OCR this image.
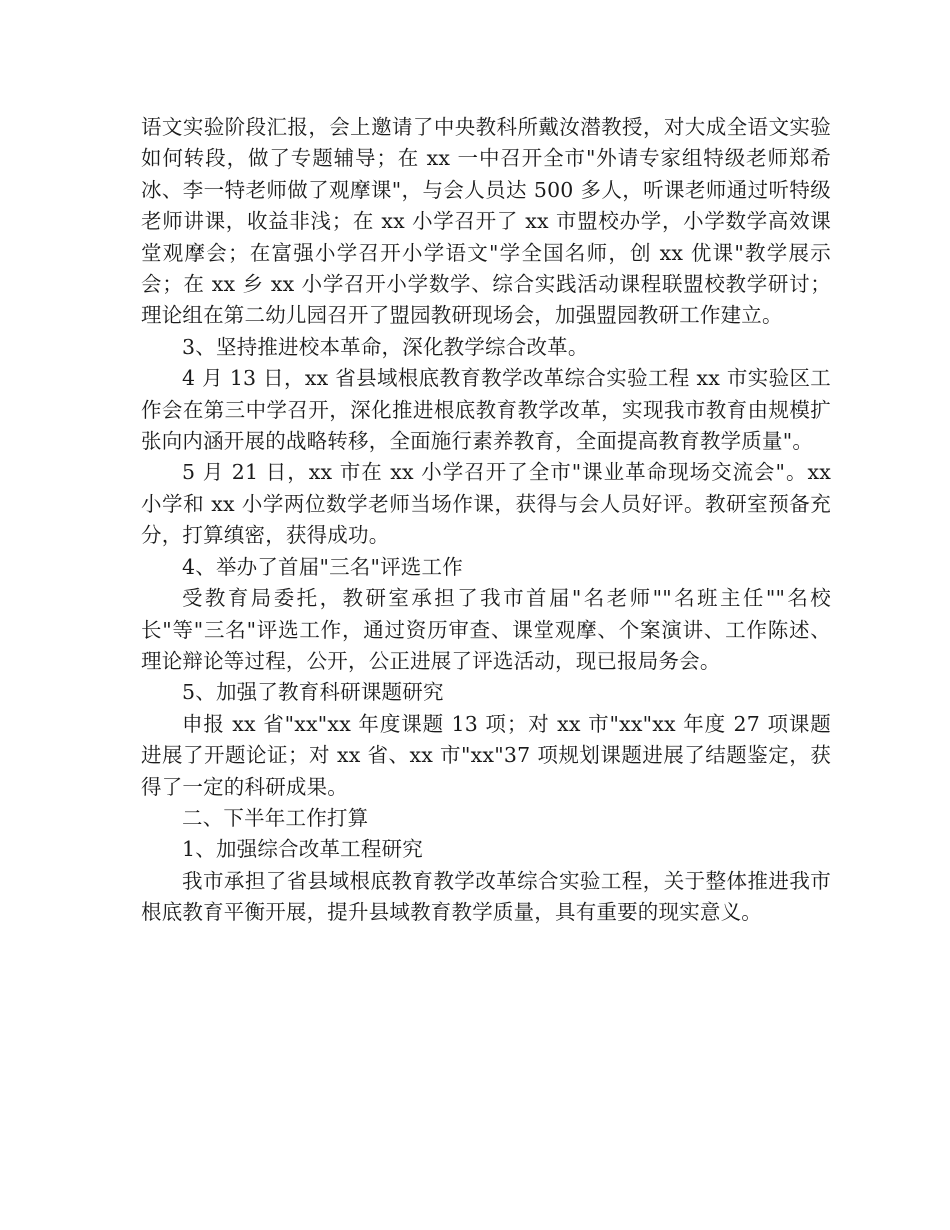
语文实验阶段汇报，会上邀请了中央教科所戴汝潜教授，对大成全语文实验如何转段，做了专题辅导；在 xx 一中召开全市"外请专家组特级老师郑希冰、李一特老师做了观摩课"，与会人员达 500 多人，听课老师通过听特级老师讲课，收益非浅；在 xx 小学召开了 xx 市盟校办学，小学数学高效课堂观摩会；在富强小学召开小学语文"学全国名师，创 xx 优课"教学展示会；在 xx 乡 xx 小学召开小学数学、综合实践活动课程联盟校教学研讨；理论组在第二幼儿园召开了盟园教研现场会，加强盟园教研工作建立。

3、坚持推进校本革命，深化教学综合改革。

4 月 13 日，xx 省县域根底教育教学改革综合实验工程 xx 市实验区工作会在第三中学召开，深化推进根底教育教学改革，实现我市教育由规模扩张向内涵开展的战略转移，全面施行素养教育，全面提高教育教学质量"。

5 月 21 日，xx 市在 xx 小学召开了全市"课业革命现场交流会"。xx 小学和 xx 小学两位数学老师当场作课，获得与会人员好评。教研室预备充分，打算缜密，获得成功。

4、举办了首届"三名"评选工作

受教育局委托，教研室承担了我市首届"名老师""名班主任""名校长"等"三名"评选工作，通过资历审查、课堂观摩、个案演讲、工作陈述、理论辩论等过程，公开，公正进展了评选活动，现已报局务会。

5、加强了教育科研课题研究

申报 xx 省"xx"xx 年度课题 13 项；对 xx 市"xx"xx 年度 27 项课题进展了开题论证；对 xx 省、xx 市"xx"37 项规划课题进展了结题鉴定，获得了一定的科研成果。

二、下半年工作打算

1、加强综合改革工程研究

我市承担了省县域根底教育教学改革综合实验工程，关于整体推进我市根底教育平衡开展，提升县域教育教学质量，具有重要的现实意义。
